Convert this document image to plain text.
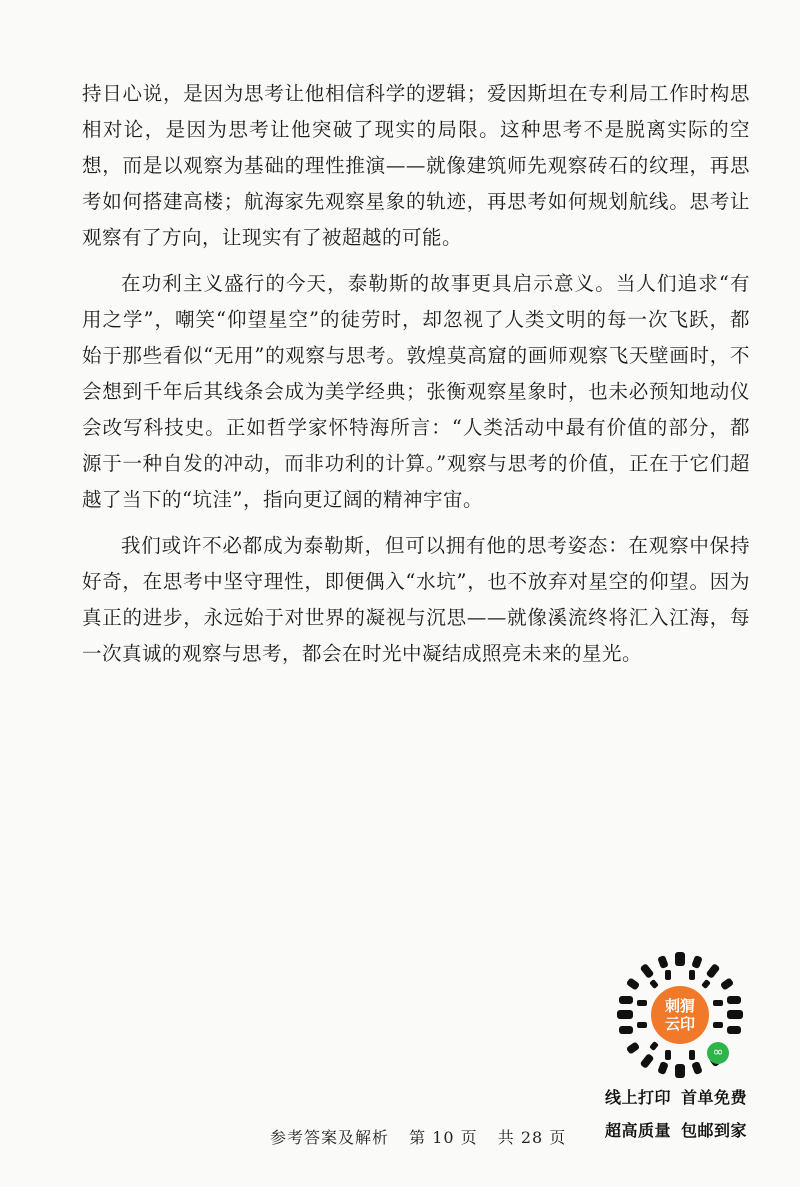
持日心说，是因为思考让他相信科学的逻辑；爱因斯坦在专利局工作时构思相对论，是因为思考让他突破了现实的局限。这种思考不是脱离实际的空想，而是以观察为基础的理性推演——就像建筑师先观察砖石的纹理，再思考如何搭建高楼；航海家先观察星象的轨迹，再思考如何规划航线。思考让观察有了方向，让现实有了被超越的可能。

在功利主义盛行的今天，泰勒斯的故事更具启示意义。当人们追求“有用之学”，嘲笑“仰望星空”的徒劳时，却忽视了人类文明的每一次飞跃，都始于那些看似“无用”的观察与思考。敦煌莫高窟的画师观察飞天壁画时，不会想到千年后其线条会成为美学经典；张衡观察星象时，也未必预知地动仪会改写科技史。正如哲学家怀特海所言：“人类活动中最有价值的部分，都源于一种自发的冲动，而非功利的计算。”观察与思考的价值，正在于它们超越了当下的“坑洼”，指向更辽阔的精神宇宙。

我们或许不必都成为泰勒斯，但可以拥有他的思考姿态：在观察中保持好奇，在思考中坚守理性，即便偶入“水坑”，也不放弃对星空的仰望。因为真正的进步，永远始于对世界的凝视与沉思——就像溪流终将汇入江海，每一次真诚的观察与思考，都会在时光中凝结成照亮未来的星光。

刺猬
云印
∞
线上打印 首单免费
超高质量 包邮到家
参考答案及解析 第 10 页 共 28 页
